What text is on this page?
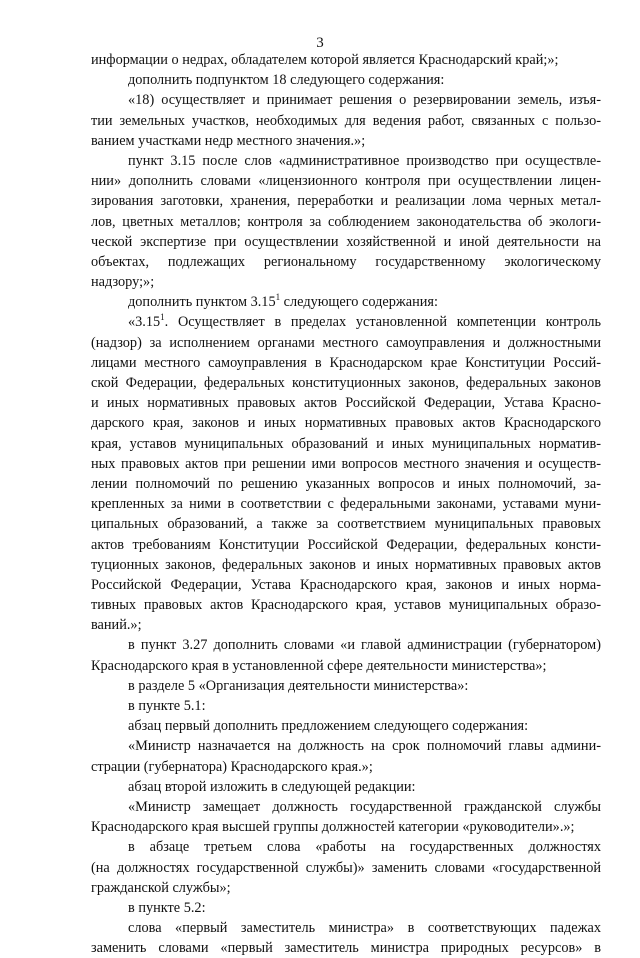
3
информации о недрах, обладателем которой является Краснодарский край;»;
дополнить подпунктом 18 следующего содержания:
«18) осуществляет и принимает решения о резервировании земель, изъя-
тии земельных участков, необходимых для ведения работ, связанных с пользо-
ванием участками недр местного значения.»;
пункт 3.15 после слов «административное производство при осуществле-
нии» дополнить словами «лицензионного контроля при осуществлении лицен-
зирования заготовки, хранения, переработки и реализации лома черных метал-
лов, цветных металлов; контроля за соблюдением законодательства об экологи-
ческой экспертизе при осуществлении хозяйственной и иной деятельности на
объектах, подлежащих региональному государственному экологическому
надзору;»;
дополнить пунктом 3.15$^1$ следующего содержания:
«3.15$^1$. Осуществляет в пределах установленной компетенции контроль
(надзор) за исполнением органами местного самоуправления и должностными
лицами местного самоуправления в Краснодарском крае Конституции Россий-
ской Федерации, федеральных конституционных законов, федеральных законов
и иных нормативных правовых актов Российской Федерации, Устава Красно-
дарского края, законов и иных нормативных правовых актов Краснодарского
края, уставов муниципальных образований и иных муниципальных норматив-
ных правовых актов при решении ими вопросов местного значения и осуществ-
лении полномочий по решению указанных вопросов и иных полномочий, за-
крепленных за ними в соответствии с федеральными законами, уставами муни-
ципальных образований, а также за соответствием муниципальных правовых
актов требованиям Конституции Российской Федерации, федеральных консти-
туционных законов, федеральных законов и иных нормативных правовых актов
Российской Федерации, Устава Краснодарского края, законов и иных норма-
тивных правовых актов Краснодарского края, уставов муниципальных образо-
ваний.»;
в пункт 3.27 дополнить словами «и главой администрации (губернатором)
Краснодарского края в установленной сфере деятельности министерства»;
в разделе 5 «Организация деятельности министерства»:
в пункте 5.1:
абзац первый дополнить предложением следующего содержания:
«Министр назначается на должность на срок полномочий главы админи-
страции (губернатора) Краснодарского края.»;
абзац второй изложить в следующей редакции:
«Министр замещает должность государственной гражданской службы
Краснодарского края высшей группы должностей категории «руководители».»;
в абзаце третьем слова «работы на государственных должностях
(на должностях государственной службы)» заменить словами «государственной
гражданской службы»;
в пункте 5.2:
слова «первый заместитель министра» в соответствующих падежах
заменить словами «первый заместитель министра природных ресурсов» в
